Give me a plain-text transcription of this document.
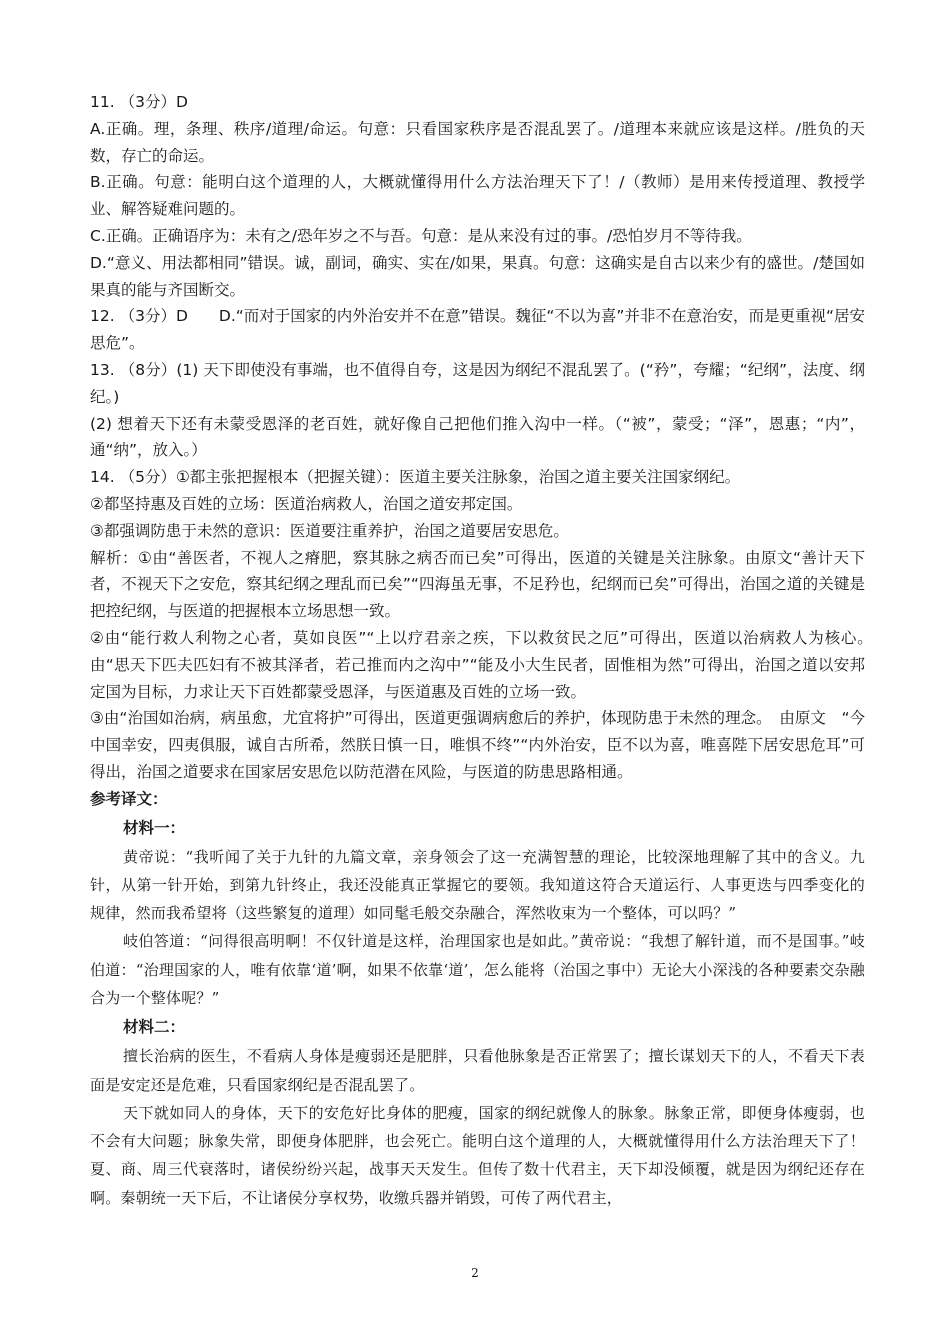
11. （3分）D

A.正确。理，条理、秩序/道理/命运。句意：只看国家秩序是否混乱罢了。/道理本来就应该是这样。/胜负的天数，存亡的命运。

B.正确。句意：能明白这个道理的人，大概就懂得用什么方法治理天下了！/（教师）是用来传授道理、教授学业、解答疑难问题的。

C.正确。正确语序为：未有之/恐年岁之不与吾。句意：是从来没有过的事。/恐怕岁月不等待我。

D.“意义、用法都相同”错误。诚，副词，确实、实在/如果，果真。句意：这确实是自古以来少有的盛世。/楚国如果真的能与齐国断交。

12. （3分）D　　D.“而对于国家的内外治安并不在意”错误。魏征“不以为喜”并非不在意治安，而是更重视“居安思危”。

13. （8分）(1) 天下即使没有事端，也不值得自夸，这是因为纲纪不混乱罢了。(“矜”，夸耀；“纪纲”，法度、纲纪。)

(2) 想着天下还有未蒙受恩泽的老百姓，就好像自己把他们推入沟中一样。（“被”，蒙受；“泽”，恩惠；“内”，通“纳”，放入。）

14. （5分）①都主张把握根本（把握关键）：医道主要关注脉象，治国之道主要关注国家纲纪。

②都坚持惠及百姓的立场：医道治病救人，治国之道安邦定国。

③都强调防患于未然的意识：医道要注重养护，治国之道要居安思危。

解析：①由“善医者，不视人之瘠肥，察其脉之病否而已矣”可得出，医道的关键是关注脉象。由原文“善计天下者，不视天下之安危，察其纪纲之理乱而已矣”“四海虽无事，不足矜也，纪纲而已矣”可得出，治国之道的关键是把控纪纲，与医道的把握根本立场思想一致。

②由“能行救人利物之心者，莫如良医”“上以疗君亲之疾，下以救贫民之厄”可得出，医道以治病救人为核心。　由“思天下匹夫匹妇有不被其泽者，若己推而内之沟中”“能及小大生民者，固惟相为然”可得出，治国之道以安邦定国为目标，力求让天下百姓都蒙受恩泽，与医道惠及百姓的立场一致。

③由“治国如治病，病虽愈，尤宜将护”可得出，医道更强调病愈后的养护，体现防患于未然的理念。　由原文　“今中国幸安，四夷俱服，诚自古所希，然朕日慎一日，唯惧不终”“内外治安，臣不以为喜，唯喜陛下居安思危耳”可得出，治国之道要求在国家居安思危以防范潜在风险，与医道的防患思路相通。

参考译文：

材料一：

黄帝说：“我听闻了关于九针的九篇文章，亲身领会了这一充满智慧的理论，比较深地理解了其中的含义。九针，从第一针开始，到第九针终止，我还没能真正掌握它的要领。我知道这符合天道运行、人事更迭与四季变化的规律，然而我希望将（这些繁复的道理）如同髦毛般交杂融合，浑然收束为一个整体，可以吗？”

岐伯答道：“问得很高明啊！不仅针道是这样，治理国家也是如此。”黄帝说：“我想了解针道，而不是国事。”岐伯道：“治理国家的人，唯有依靠‘道’啊，如果不依靠‘道’，怎么能将（治国之事中）无论大小深浅的各种要素交杂融合为一个整体呢？”

材料二：

擅长治病的医生，不看病人身体是瘦弱还是肥胖，只看他脉象是否正常罢了；擅长谋划天下的人，不看天下表面是安定还是危难，只看国家纲纪是否混乱罢了。

天下就如同人的身体，天下的安危好比身体的肥瘦，国家的纲纪就像人的脉象。脉象正常，即便身体瘦弱，也不会有大问题；脉象失常，即便身体肥胖，也会死亡。能明白这个道理的人，大概就懂得用什么方法治理天下了！夏、商、周三代衰落时，诸侯纷纷兴起，战事天天发生。但传了数十代君主，天下却没倾覆，就是因为纲纪还存在啊。秦朝统一天下后，不让诸侯分享权势，收缴兵器并销毁，可传了两代君主，

2
